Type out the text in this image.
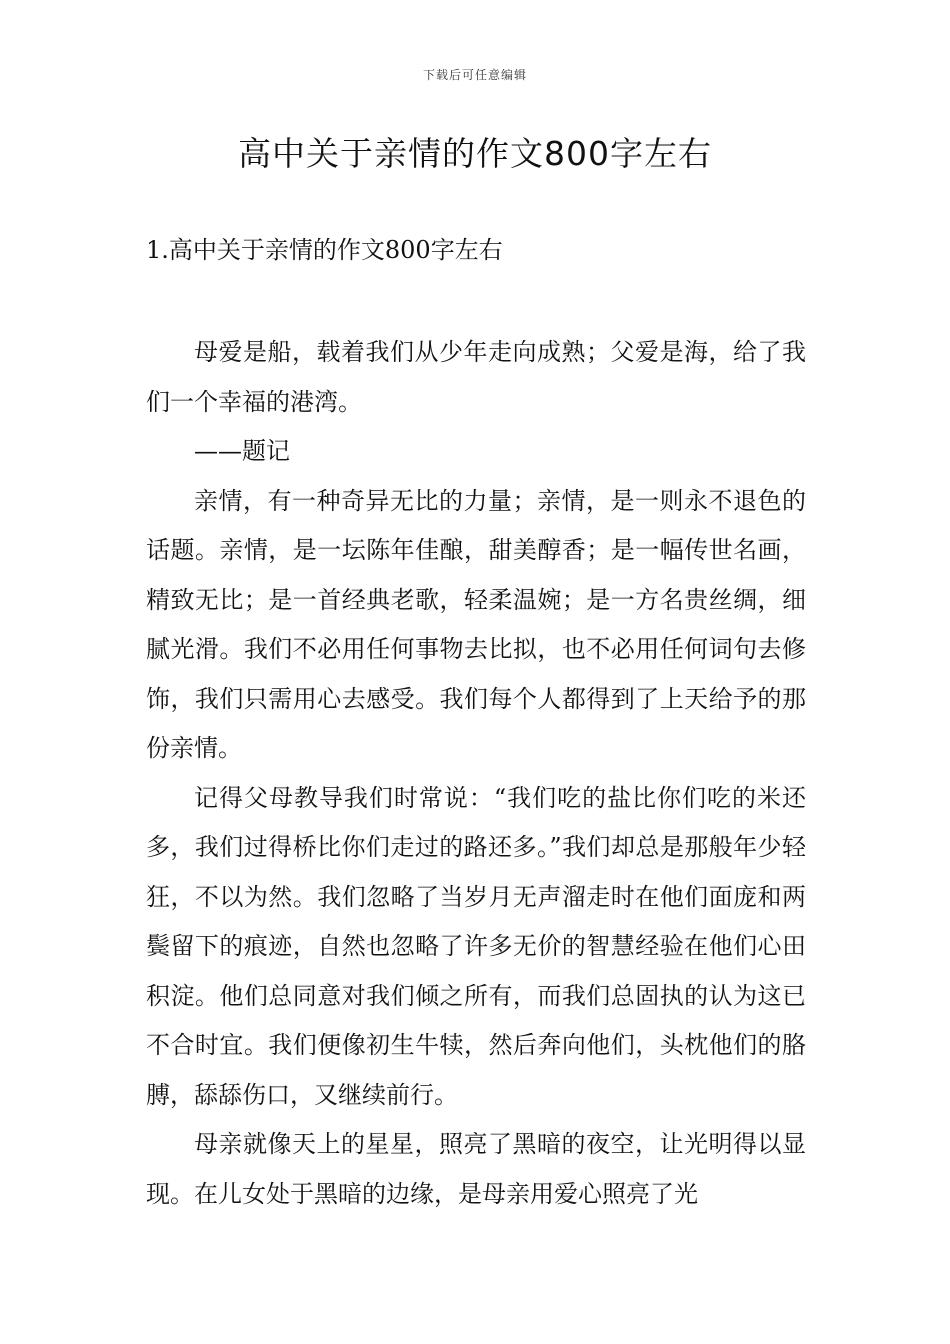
下载后可任意编辑
高中关于亲情的作文800字左右
1.高中关于亲情的作文800字左右

母爱是船，载着我们从少年走向成熟；父爱是海，给了我们一个幸福的港湾。

——题记

亲情，有一种奇异无比的力量；亲情，是一则永不退色的话题。亲情，是一坛陈年佳酿，甜美醇香；是一幅传世名画，精致无比；是一首经典老歌，轻柔温婉；是一方名贵丝绸，细腻光滑。我们不必用任何事物去比拟，也不必用任何词句去修饰，我们只需用心去感受。我们每个人都得到了上天给予的那份亲情。

记得父母教导我们时常说：“我们吃的盐比你们吃的米还多，我们过得桥比你们走过的路还多。”我们却总是那般年少轻狂，不以为然。我们忽略了当岁月无声溜走时在他们面庞和两鬓留下的痕迹，自然也忽略了许多无价的智慧经验在他们心田积淀。他们总同意对我们倾之所有，而我们总固执的认为这已不合时宜。我们便像初生牛犊，然后奔向他们，头枕他们的胳膊，舔舔伤口，又继续前行。

母亲就像天上的星星，照亮了黑暗的夜空，让光明得以显现。在儿女处于黑暗的边缘，是母亲用爱心照亮了光
